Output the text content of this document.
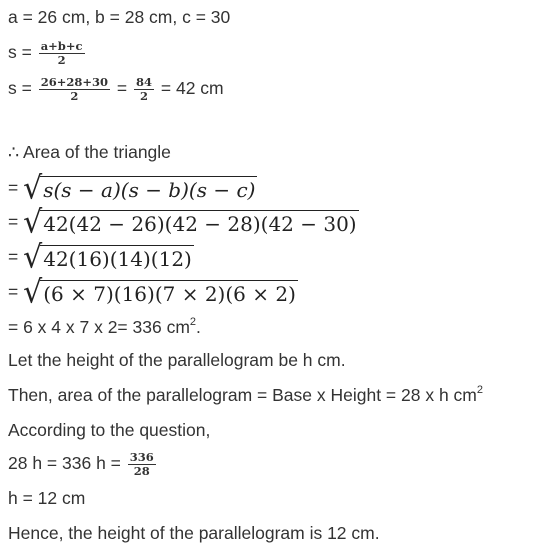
a = 26 cm, b = 28 cm, c = 30
$s = \frac{a+b+c}{2}$
$s = \frac{26+28+30}{2} = \frac{84}{2} = 42$ cm
∴ Area of the triangle
= √s(s − a)(s − b)(s − c)
= √42(42 − 26)(42 − 28)(42 − 30)
= √42(16)(14)(12)
= √(6 × 7)(16)(7 × 2)(6 × 2)
= 6 x 4 x 7 x 2= 336 $cm^2$.
Let the height of the parallelogram be h cm.
Then, area of the parallelogram = Base x Height = 28 x h $cm^2$
According to the question,
28 h = 336 $h = \frac{336}{28}$
h = 12 cm
Hence, the height of the parallelogram is 12 cm.
